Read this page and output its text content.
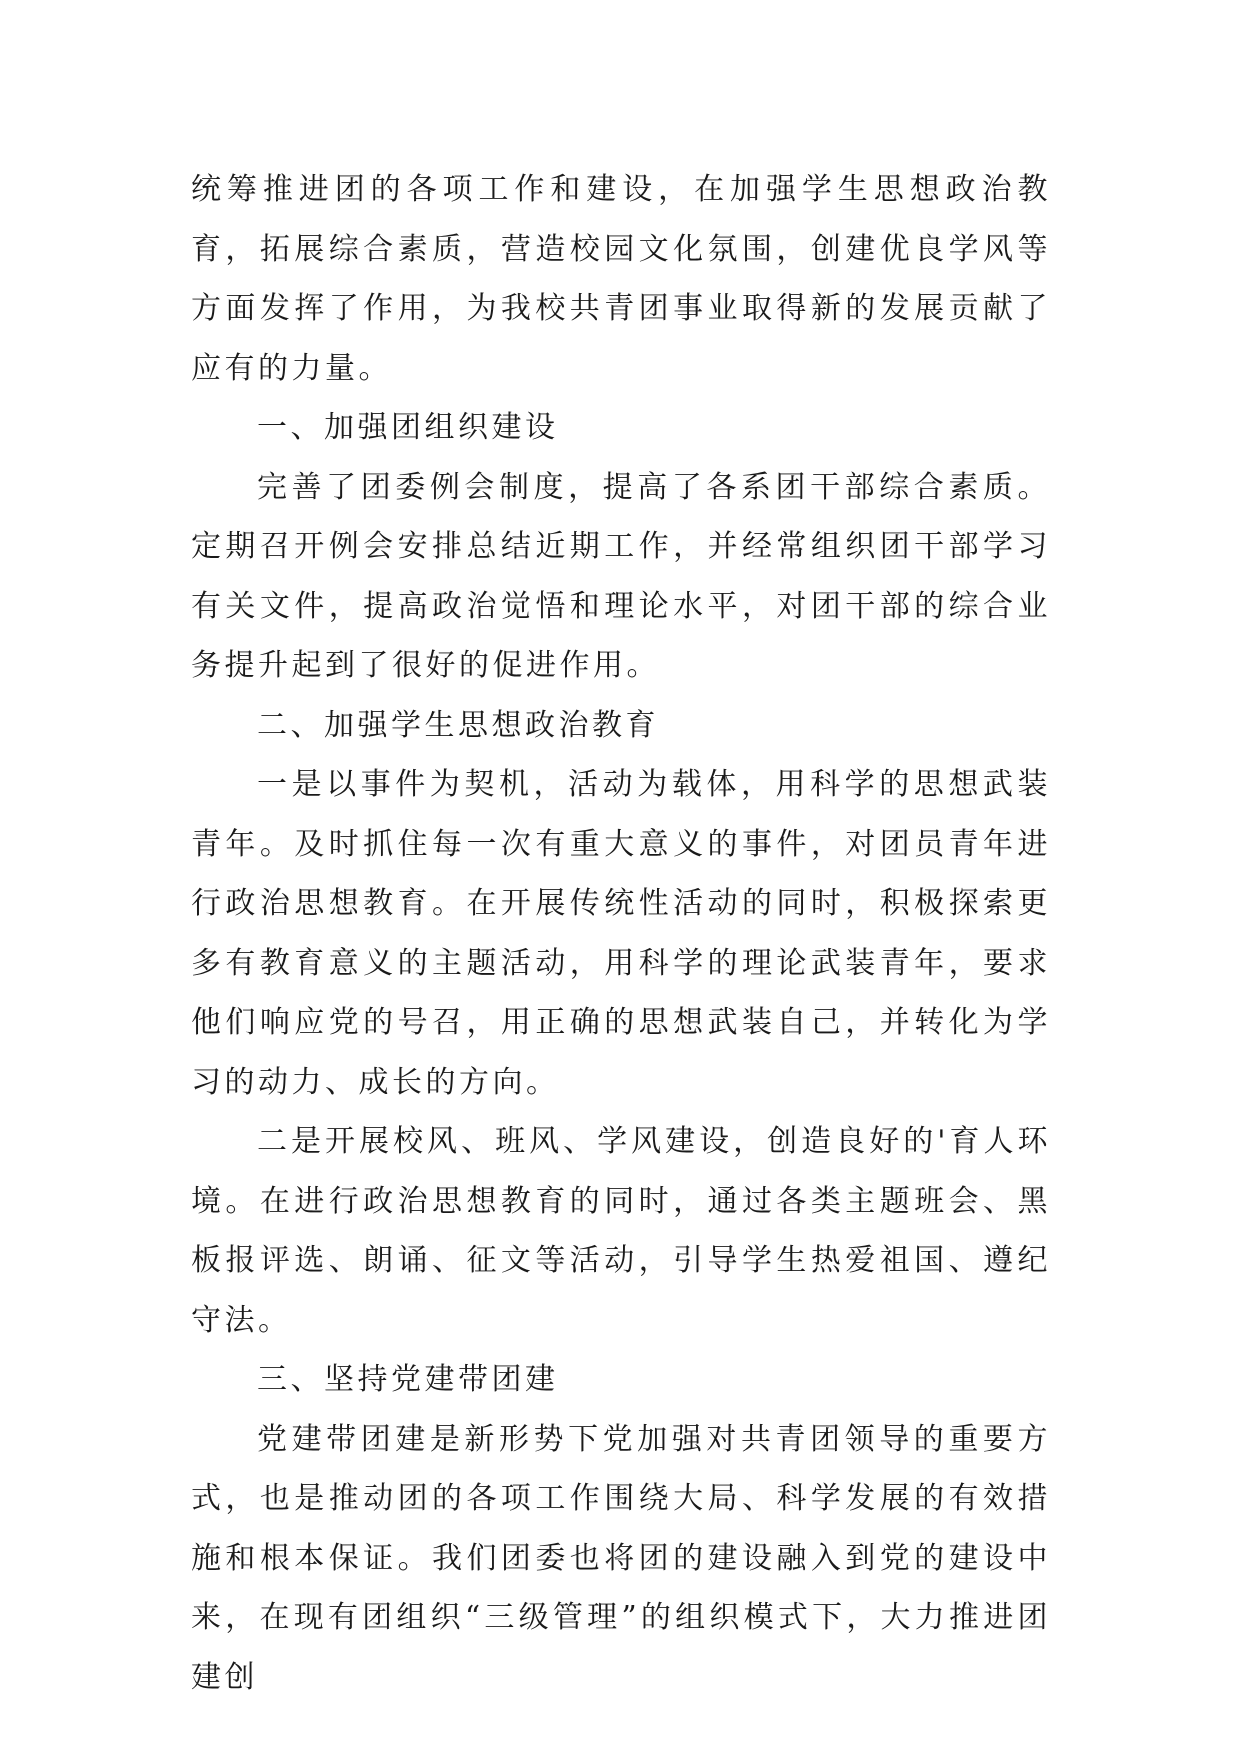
统筹推进团的各项工作和建设，在加强学生思想政治教育，拓展综合素质，营造校园文化氛围，创建优良学风等方面发挥了作用，为我校共青团事业取得新的发展贡献了应有的力量。

一、加强团组织建设

完善了团委例会制度，提高了各系团干部综合素质。定期召开例会安排总结近期工作，并经常组织团干部学习有关文件，提高政治觉悟和理论水平，对团干部的综合业务提升起到了很好的促进作用。

二、加强学生思想政治教育

一是以事件为契机，活动为载体，用科学的思想武装青年。及时抓住每一次有重大意义的事件，对团员青年进行政治思想教育。在开展传统性活动的同时，积极探索更多有教育意义的主题活动，用科学的理论武装青年，要求他们响应党的号召，用正确的思想武装自己，并转化为学习的动力、成长的方向。

二是开展校风、班风、学风建设，创造良好的'育人环境。在进行政治思想教育的同时，通过各类主题班会、黑板报评选、朗诵、征文等活动，引导学生热爱祖国、遵纪守法。

三、坚持党建带团建

党建带团建是新形势下党加强对共青团领导的重要方式，也是推动团的各项工作围绕大局、科学发展的有效措施和根本保证。我们团委也将团的建设融入到党的建设中来，在现有团组织“三级管理”的组织模式下，大力推进团建创
